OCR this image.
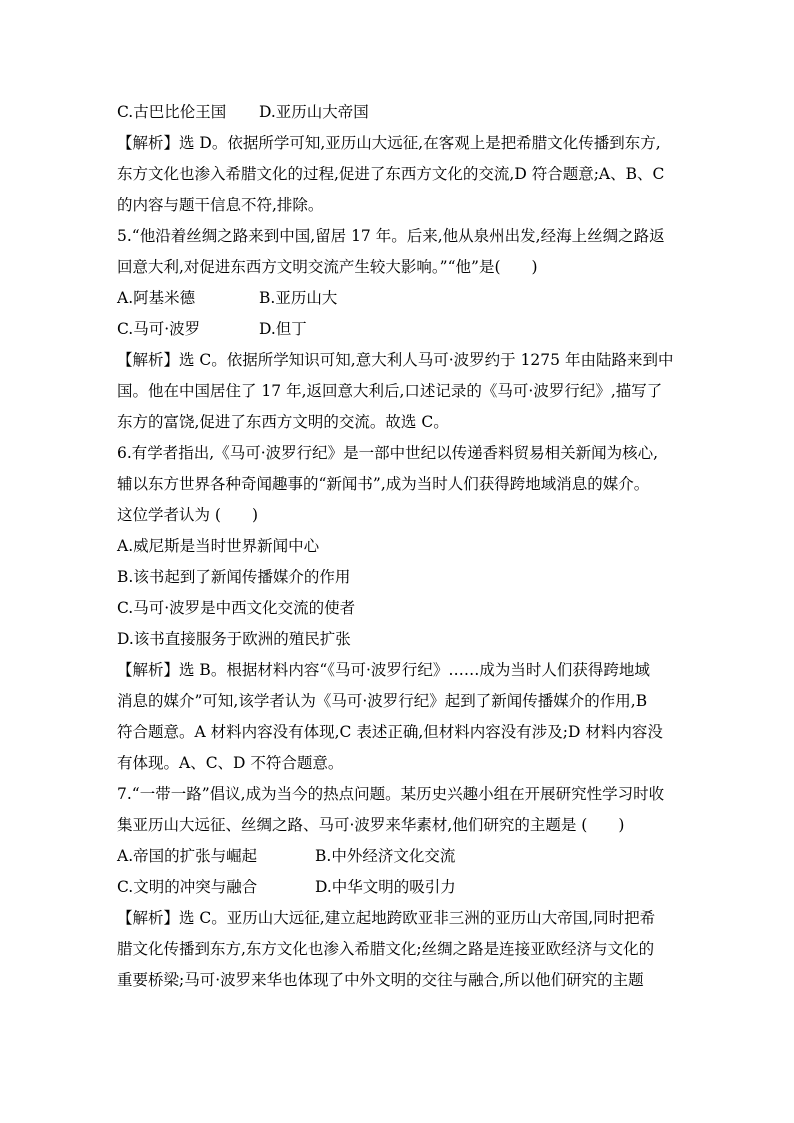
C.古巴比伦王国 D.亚历山大帝国
【解析】选 D。依据所学可知,亚历山大远征,在客观上是把希腊文化传播到东方,
东方文化也渗入希腊文化的过程,促进了东西方文化的交流,D 符合题意;A、B、C
的内容与题干信息不符,排除。
5.“他沿着丝绸之路来到中国,留居 17 年。后来,他从泉州出发,经海上丝绸之路返
回意大利,对促进东西方文明交流产生较大影响。”“他”是(　　)
A.阿基米德	B.亚历山大
C.马可·波罗	D.但丁
【解析】选 C。依据所学知识可知,意大利人马可·波罗约于 1275 年由陆路来到中
国。他在中国居住了 17 年,返回意大利后,口述记录的《马可·波罗行纪》,描写了
东方的富饶,促进了东西方文明的交流。故选 C。
6.有学者指出,《马可·波罗行纪》是一部中世纪以传递香料贸易相关新闻为核心,
辅以东方世界各种奇闻趣事的“新闻书”,成为当时人们获得跨地域消息的媒介。
这位学者认为 (　　)
A.威尼斯是当时世界新闻中心
B.该书起到了新闻传播媒介的作用
C.马可·波罗是中西文化交流的使者
D.该书直接服务于欧洲的殖民扩张
【解析】选 B。根据材料内容“《马可·波罗行纪》……成为当时人们获得跨地域
消息的媒介”可知,该学者认为《马可·波罗行纪》起到了新闻传播媒介的作用,B
符合题意。A 材料内容没有体现,C 表述正确,但材料内容没有涉及;D 材料内容没
有体现。A、C、D 不符合题意。
7.“一带一路”倡议,成为当今的热点问题。某历史兴趣小组在开展研究性学习时收
集亚历山大远征、丝绸之路、马可·波罗来华素材,他们研究的主题是 (　　)
A.帝国的扩张与崛起	B.中外经济文化交流
C.文明的冲突与融合	D.中华文明的吸引力
【解析】选 C。亚历山大远征,建立起地跨欧亚非三洲的亚历山大帝国,同时把希
腊文化传播到东方,东方文化也渗入希腊文化;丝绸之路是连接亚欧经济与文化的
重要桥梁;马可·波罗来华也体现了中外文明的交往与融合,所以他们研究的主题
